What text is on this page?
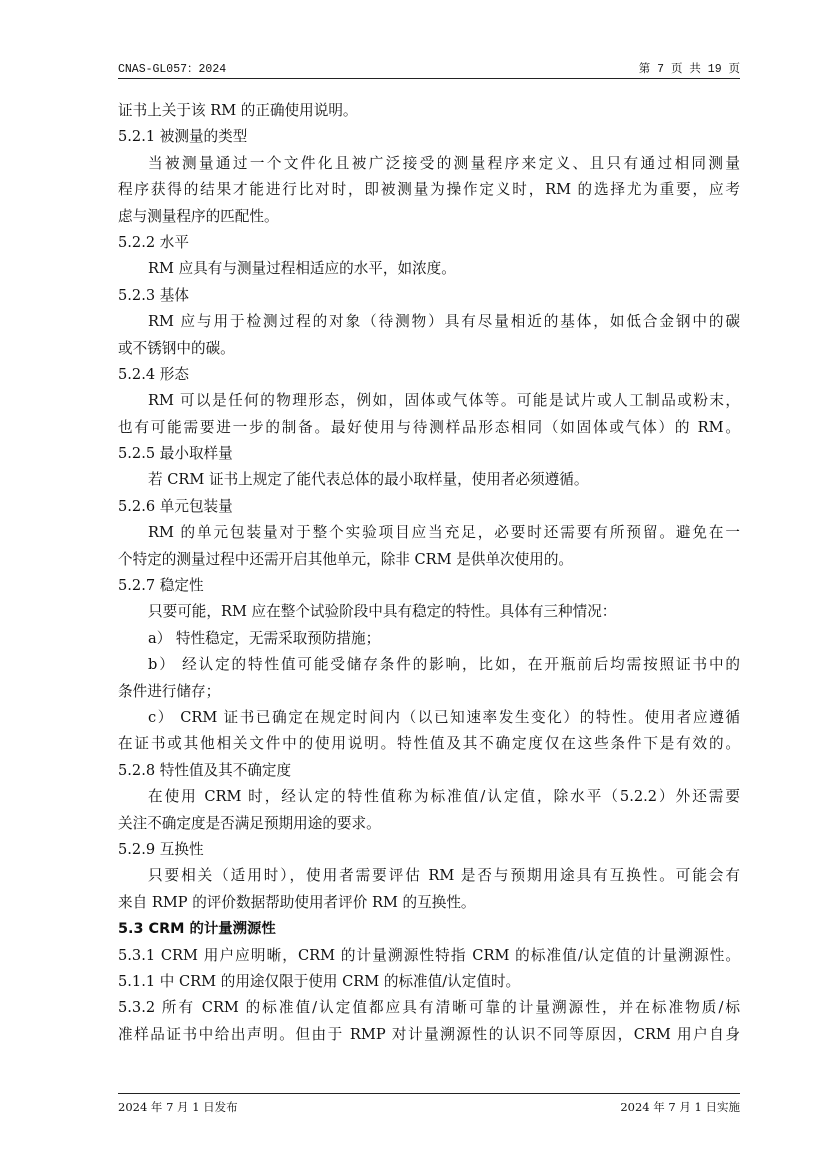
CNAS-GL057：2024	第 7 页 共 19 页
证书上关于该 RM 的正确使用说明。
5.2.1 被测量的类型
当被测量通过一个文件化且被广泛接受的测量程序来定义、且只有通过相同测量
程序获得的结果才能进行比对时，即被测量为操作定义时，RM 的选择尤为重要，应考
虑与测量程序的匹配性。
5.2.2 水平
RM 应具有与测量过程相适应的水平，如浓度。
5.2.3 基体
RM 应与用于检测过程的对象（待测物）具有尽量相近的基体，如低合金钢中的碳
或不锈钢中的碳。
5.2.4 形态
RM 可以是任何的物理形态，例如，固体或气体等。可能是试片或人工制品或粉末，
也有可能需要进一步的制备。最好使用与待测样品形态相同（如固体或气体）的 RM。
5.2.5 最小取样量
若 CRM 证书上规定了能代表总体的最小取样量，使用者必须遵循。
5.2.6 单元包装量
RM 的单元包装量对于整个实验项目应当充足，必要时还需要有所预留。避免在一
个特定的测量过程中还需开启其他单元，除非 CRM 是供单次使用的。
5.2.7 稳定性
只要可能，RM 应在整个试验阶段中具有稳定的特性。具体有三种情况：
a） 特性稳定，无需采取预防措施；
b） 经认定的特性值可能受储存条件的影响，比如，在开瓶前后均需按照证书中的
条件进行储存；
c） CRM 证书已确定在规定时间内（以已知速率发生变化）的特性。使用者应遵循
在证书或其他相关文件中的使用说明。特性值及其不确定度仅在这些条件下是有效的。
5.2.8 特性值及其不确定度
在使用 CRM 时，经认定的特性值称为标准值/认定值，除水平（5.2.2）外还需要
关注不确定度是否满足预期用途的要求。
5.2.9 互换性
只要相关（适用时），使用者需要评估 RM 是否与预期用途具有互换性。可能会有
来自 RMP 的评价数据帮助使用者评价 RM 的互换性。
5.3 CRM 的计量溯源性
5.3.1 CRM 用户应明晰，CRM 的计量溯源性特指 CRM 的标准值/认定值的计量溯源性。
5.1.1 中 CRM 的用途仅限于使用 CRM 的标准值/认定值时。
5.3.2 所有 CRM 的标准值/认定值都应具有清晰可靠的计量溯源性，并在标准物质/标
准样品证书中给出声明。但由于 RMP 对计量溯源性的认识不同等原因，CRM 用户自身
2024 年 7 月 1 日发布	2024 年 7 月 1 日实施
